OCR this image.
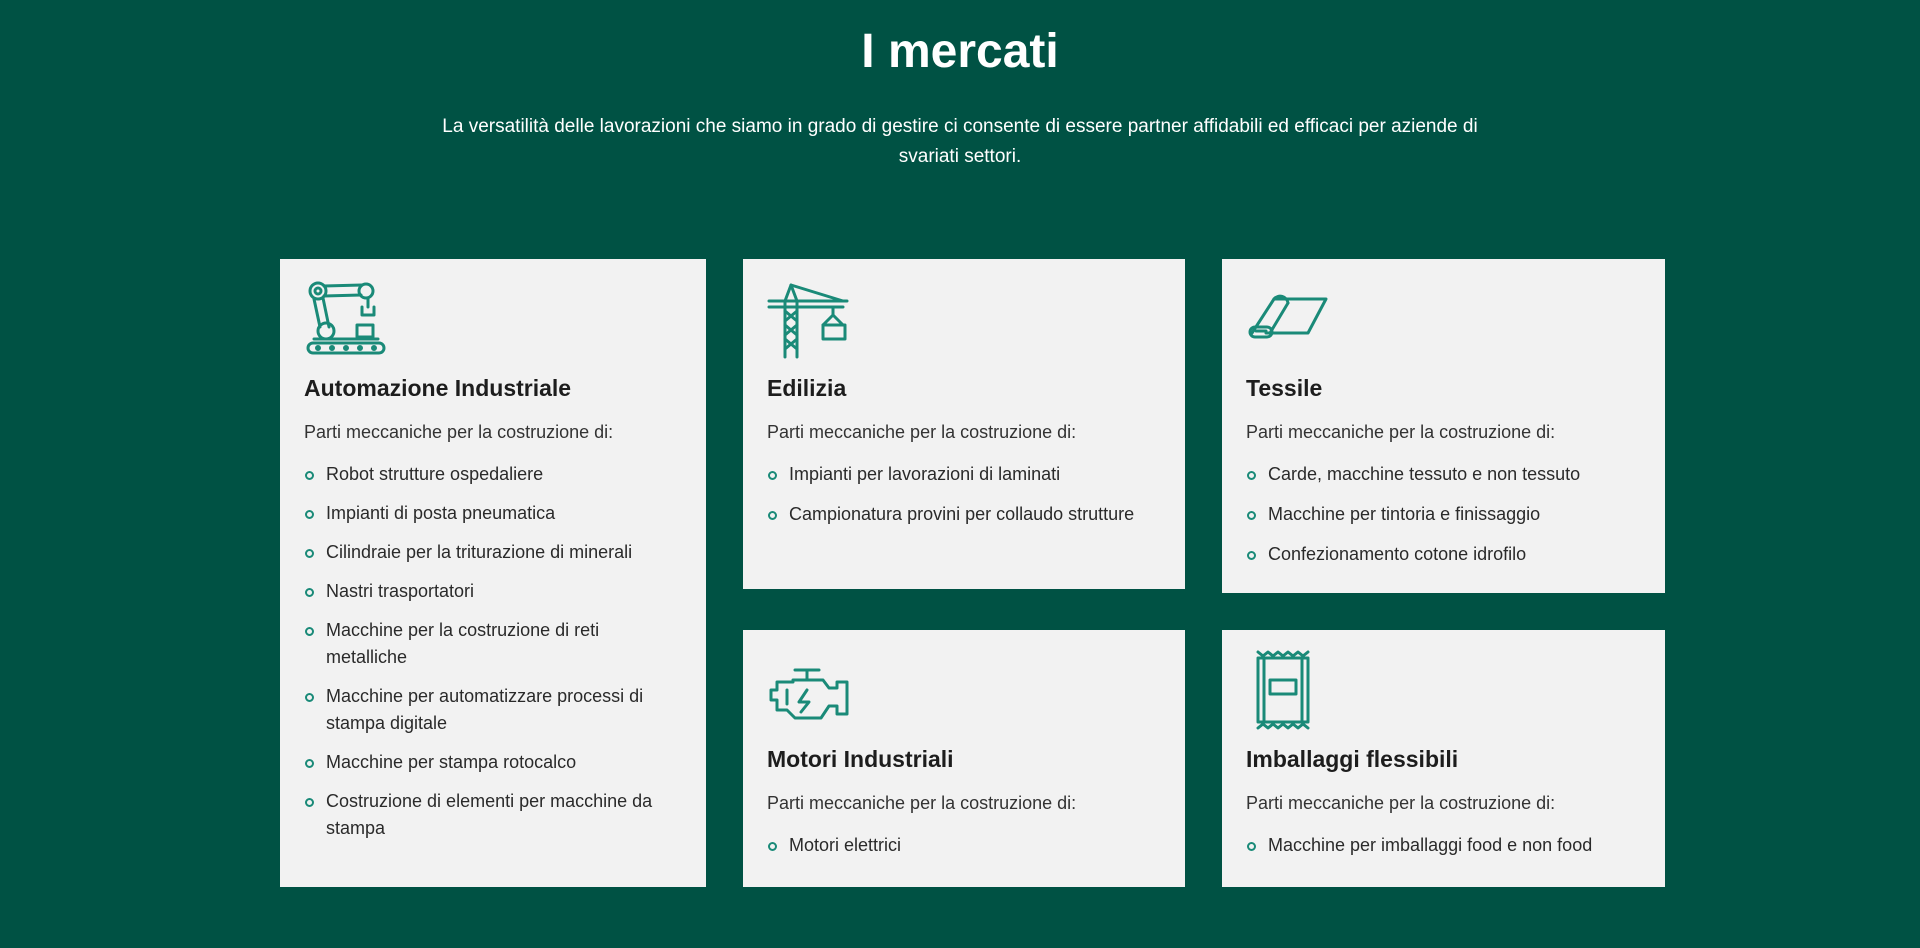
I mercati

La versatilità delle lavorazioni che siamo in grado di gestire ci consente di essere partner affidabili ed efficaci per aziende di svariati settori.

Automazione Industriale

Parti meccaniche per la costruzione di:

Robot strutture ospedaliere
Impianti di posta pneumatica
Cilindraie per la triturazione di minerali
Nastri trasportatori
Macchine per la costruzione di reti metalliche
Macchine per automatizzare processi di stampa digitale
Macchine per stampa rotocalco
Costruzione di elementi per macchine da stampa
Edilizia

Parti meccaniche per la costruzione di:

Impianti per lavorazioni di laminati
Campionatura provini per collaudo strutture
Tessile

Parti meccaniche per la costruzione di:

Carde, macchine tessuto e non tessuto
Macchine per tintoria e finissaggio
Confezionamento cotone idrofilo
Motori Industriali

Parti meccaniche per la costruzione di:

Motori elettrici
Imballaggi flessibili

Parti meccaniche per la costruzione di:

Macchine per imballaggi food e non food
